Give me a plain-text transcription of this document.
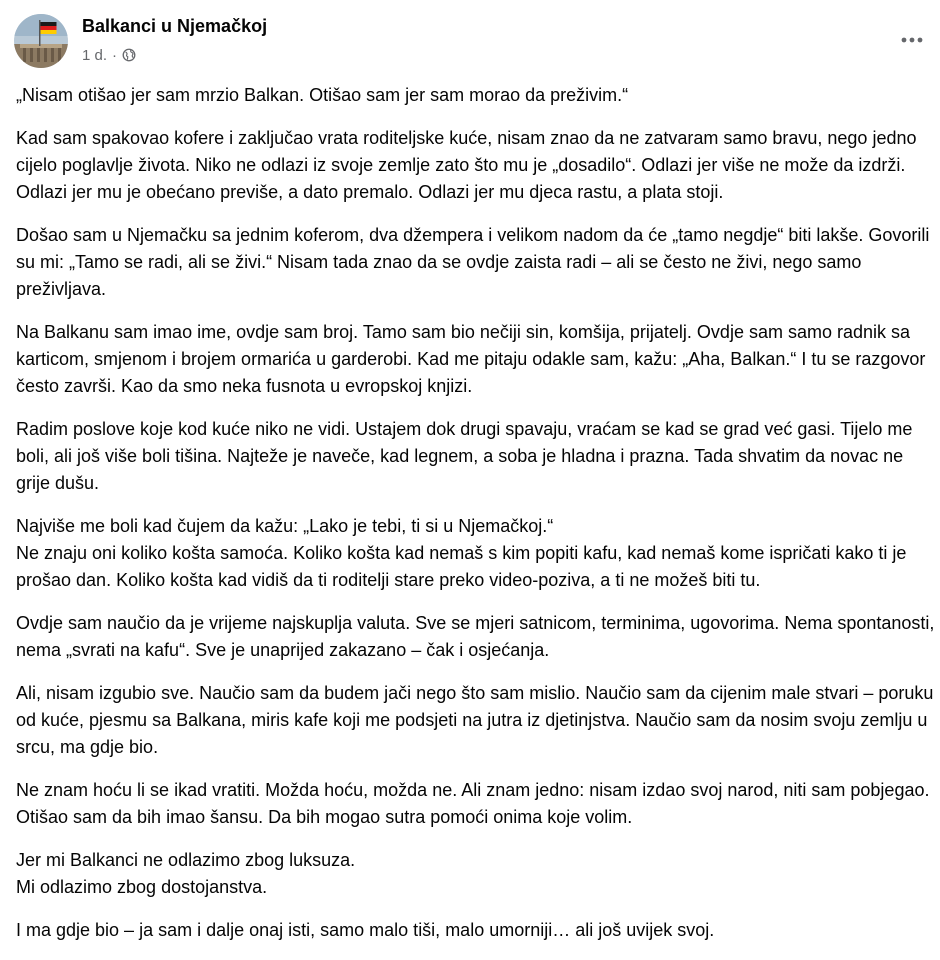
Balkanci u Njemačkoj
1 d. ·

„Nisam otišao jer sam mrzio Balkan. Otišao sam jer sam morao da preživim.“

Kad sam spakovao kofere i zaključao vrata roditeljske kuće, nisam znao da ne zatvaram samo bravu, nego jedno cijelo poglavlje života. Niko ne odlazi iz svoje zemlje zato što mu je „dosadilo“. Odlazi jer više ne može da izdrži. Odlazi jer mu je obećano previše, a dato premalo. Odlazi jer mu djeca rastu, a plata stoji.

Došao sam u Njemačku sa jednim koferom, dva džempera i velikom nadom da će „tamo negdje“ biti lakše. Govorili su mi: „Tamo se radi, ali se živi.“ Nisam tada znao da se ovdje zaista radi – ali se često ne živi, nego samo preživljava.

Na Balkanu sam imao ime, ovdje sam broj. Tamo sam bio nečiji sin, komšija, prijatelj. Ovdje sam samo radnik sa karticom, smjenom i brojem ormarića u garderobi. Kad me pitaju odakle sam, kažu: „Aha, Balkan.“ I tu se razgovor često završi. Kao da smo neka fusnota u evropskoj knjizi.

Radim poslove koje kod kuće niko ne vidi. Ustajem dok drugi spavaju, vraćam se kad se grad već gasi. Tijelo me boli, ali još više boli tišina. Najteže je naveče, kad legnem, a soba je hladna i prazna. Tada shvatim da novac ne grije dušu.

Najviše me boli kad čujem da kažu: „Lako je tebi, ti si u Njemačkoj.“
Ne znaju oni koliko košta samoća. Koliko košta kad nemaš s kim popiti kafu, kad nemaš kome ispričati kako ti je prošao dan. Koliko košta kad vidiš da ti roditelji stare preko video-poziva, a ti ne možeš biti tu.

Ovdje sam naučio da je vrijeme najskuplja valuta. Sve se mjeri satnicom, terminima, ugovorima. Nema spontanosti, nema „svrati na kafu“. Sve je unaprijed zakazano – čak i osjećanja.

Ali, nisam izgubio sve. Naučio sam da budem jači nego što sam mislio. Naučio sam da cijenim male stvari – poruku od kuće, pjesmu sa Balkana, miris kafe koji me podsjeti na jutra iz djetinjstva. Naučio sam da nosim svoju zemlju u srcu, ma gdje bio.

Ne znam hoću li se ikad vratiti. Možda hoću, možda ne. Ali znam jedno: nisam izdao svoj narod, niti sam pobjegao. Otišao sam da bih imao šansu. Da bih mogao sutra pomoći onima koje volim.

Jer mi Balkanci ne odlazimo zbog luksuza.
Mi odlazimo zbog dostojanstva.

I ma gdje bio – ja sam i dalje onaj isti, samo malo tiši, malo umorniji… ali još uvijek svoj.
